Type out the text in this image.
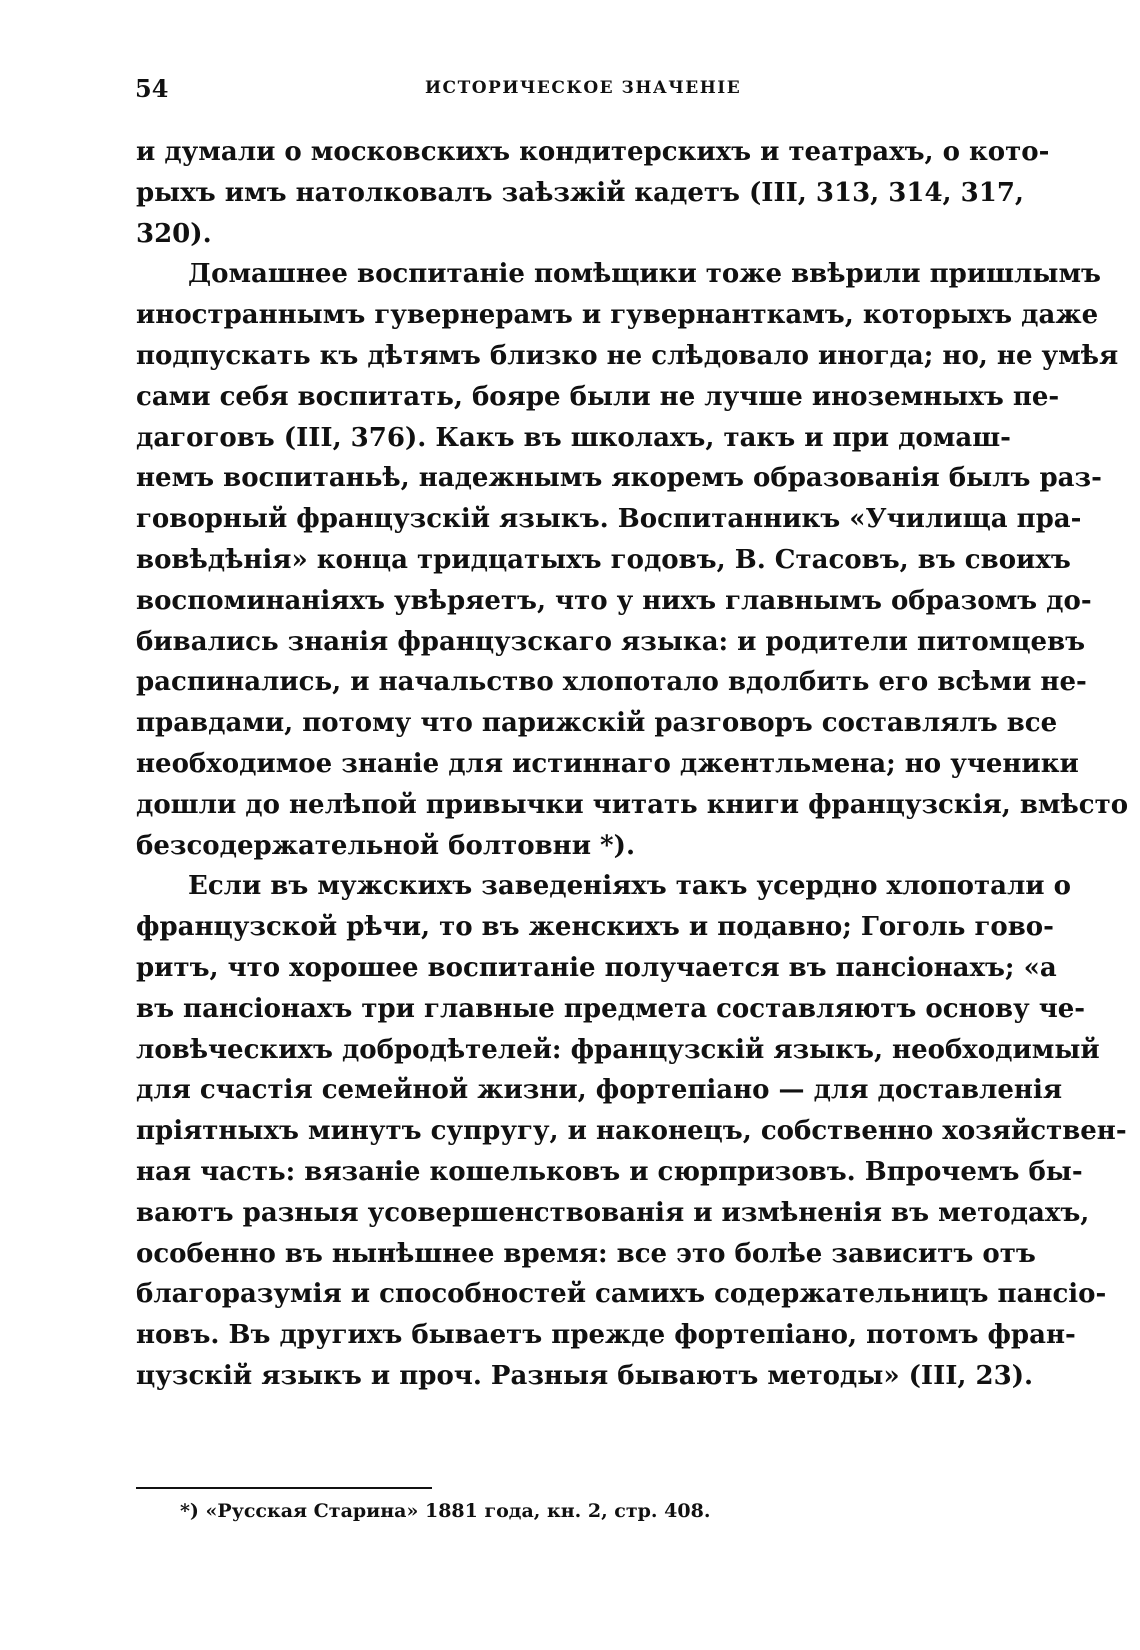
54	ИСТОРИЧЕСКОЕ ЗНАЧЕНІЕ
и думали о московскихъ кондитерскихъ и театрахъ, о кото-
рыхъ имъ натолковалъ заѣзжій кадетъ (III, 313, 314, 317,
320).
Домашнее воспитаніе помѣщики тоже ввѣрили пришлымъ
иностраннымъ гувернерамъ и гувернанткамъ, которыхъ даже
подпускать къ дѣтямъ близко не слѣдовало иногда; но, не умѣя
сами себя воспитать, бояре были не лучше иноземныхъ пе-
дагоговъ (III, 376). Какъ въ школахъ, такъ и при домаш-
немъ воспитаньѣ, надежнымъ якоремъ образованія былъ раз-
говорный французскій языкъ. Воспитанникъ «Училища пра-
вовѣдѣнія» конца тридцатыхъ годовъ, В. Стасовъ, въ своихъ
воспоминаніяхъ увѣряетъ, что у нихъ главнымъ образомъ до-
бивались знанія французскаго языка: и родители питомцевъ
распинались, и начальство хлопотало вдолбить его всѣми не-
правдами, потому что парижскій разговоръ составлялъ все
необходимое знаніе для истиннаго джентльмена; но ученики
дошли до нелѣпой привычки читать книги французскія, вмѣсто
безсодержательной болтовни *).
Если въ мужскихъ заведеніяхъ такъ усердно хлопотали о
французской рѣчи, то въ женскихъ и подавно; Гоголь гово-
ритъ, что хорошее воспитаніе получается въ пансіонахъ; «а
въ пансіонахъ три главные предмета составляютъ основу че-
ловѣческихъ добродѣтелей: французскій языкъ, необходимый
для счастія семейной жизни, фортепіано — для доставленія
пріятныхъ минутъ супругу, и наконецъ, собственно хозяйствен-
ная часть: вязаніе кошельковъ и сюрпризовъ. Впрочемъ бы-
ваютъ разныя усовершенствованія и измѣненія въ методахъ,
особенно въ нынѣшнее время: все это болѣе зависитъ отъ
благоразумія и способностей самихъ содержательницъ пансіо-
новъ. Въ другихъ бываетъ прежде фортепіано, потомъ фран-
цузскій языкъ и проч. Разныя бываютъ методы» (III, 23).
*) «Русская Старина» 1881 года, кн. 2, стр. 408.
